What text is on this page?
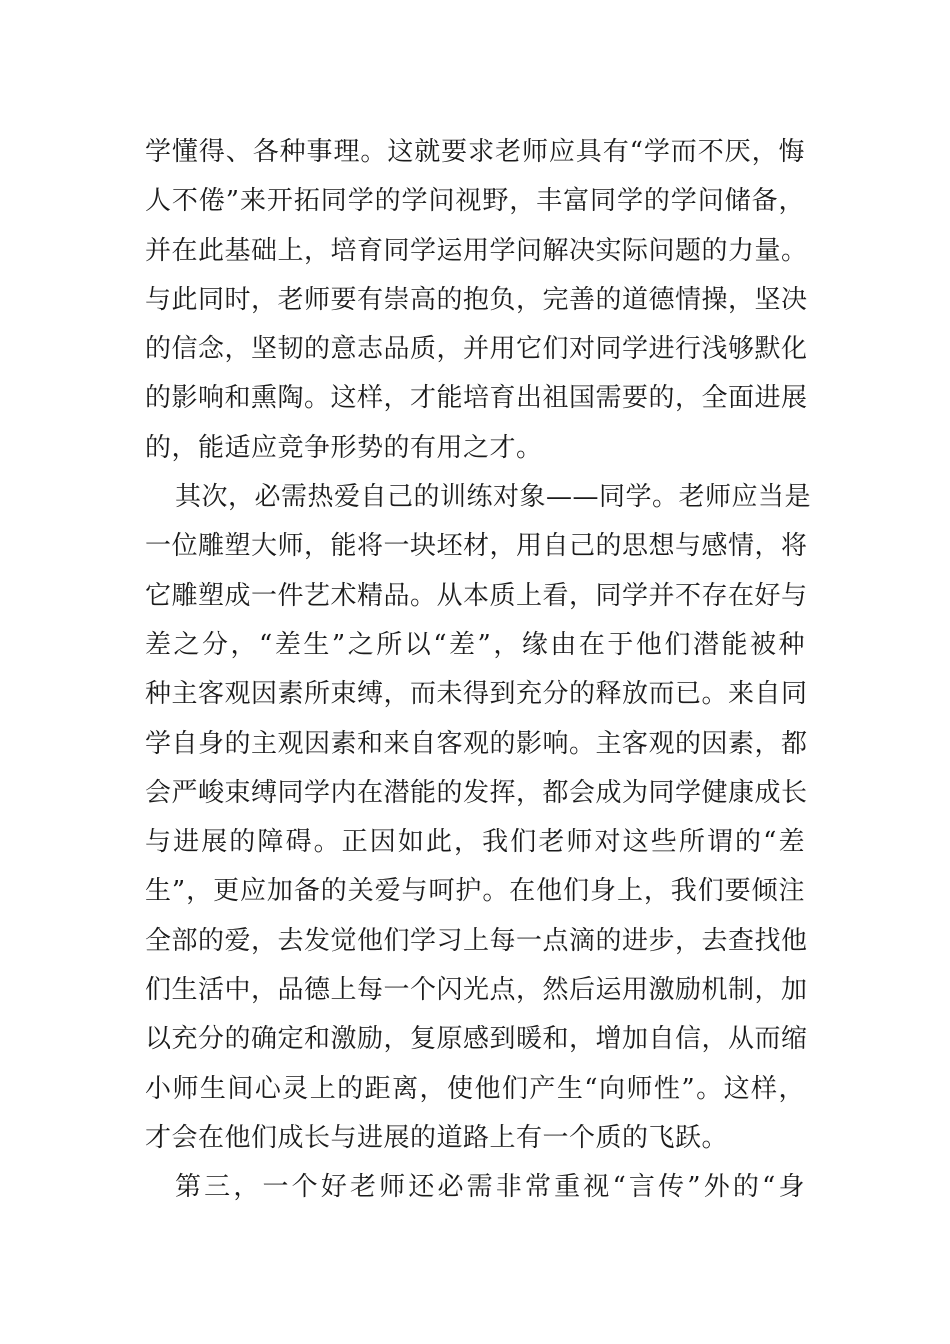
学懂得、各种事理。这就要求老师应具有“学而不厌，悔
人不倦”来开拓同学的学问视野，丰富同学的学问储备，
并在此基础上，培育同学运用学问解决实际问题的力量。
与此同时，老师要有崇高的抱负，完善的道德情操，坚决
的信念，坚韧的意志品质，并用它们对同学进行浅够默化
的影响和熏陶。这样，才能培育出祖国需要的，全面进展
的，能适应竞争形势的有用之才。
其次，必需热爱自己的训练对象——同学。老师应当是
一位雕塑大师，能将一块坯材，用自己的思想与感情，将
它雕塑成一件艺术精品。从本质上看，同学并不存在好与
差之分，“差生”之所以“差”，缘由在于他们潜能被种
种主客观因素所束缚，而未得到充分的释放而已。来自同
学自身的主观因素和来自客观的影响。主客观的因素，都
会严峻束缚同学内在潜能的发挥，都会成为同学健康成长
与进展的障碍。正因如此，我们老师对这些所谓的“差
生”，更应加备的关爱与呵护。在他们身上，我们要倾注
全部的爱，去发觉他们学习上每一点滴的进步，去查找他
们生活中，品德上每一个闪光点，然后运用激励机制，加
以充分的确定和激励，复原感到暖和，增加自信，从而缩
小师生间心灵上的距离，使他们产生“向师性”。这样，
才会在他们成长与进展的道路上有一个质的飞跃。
第三，一个好老师还必需非常重视“言传”外的“身
